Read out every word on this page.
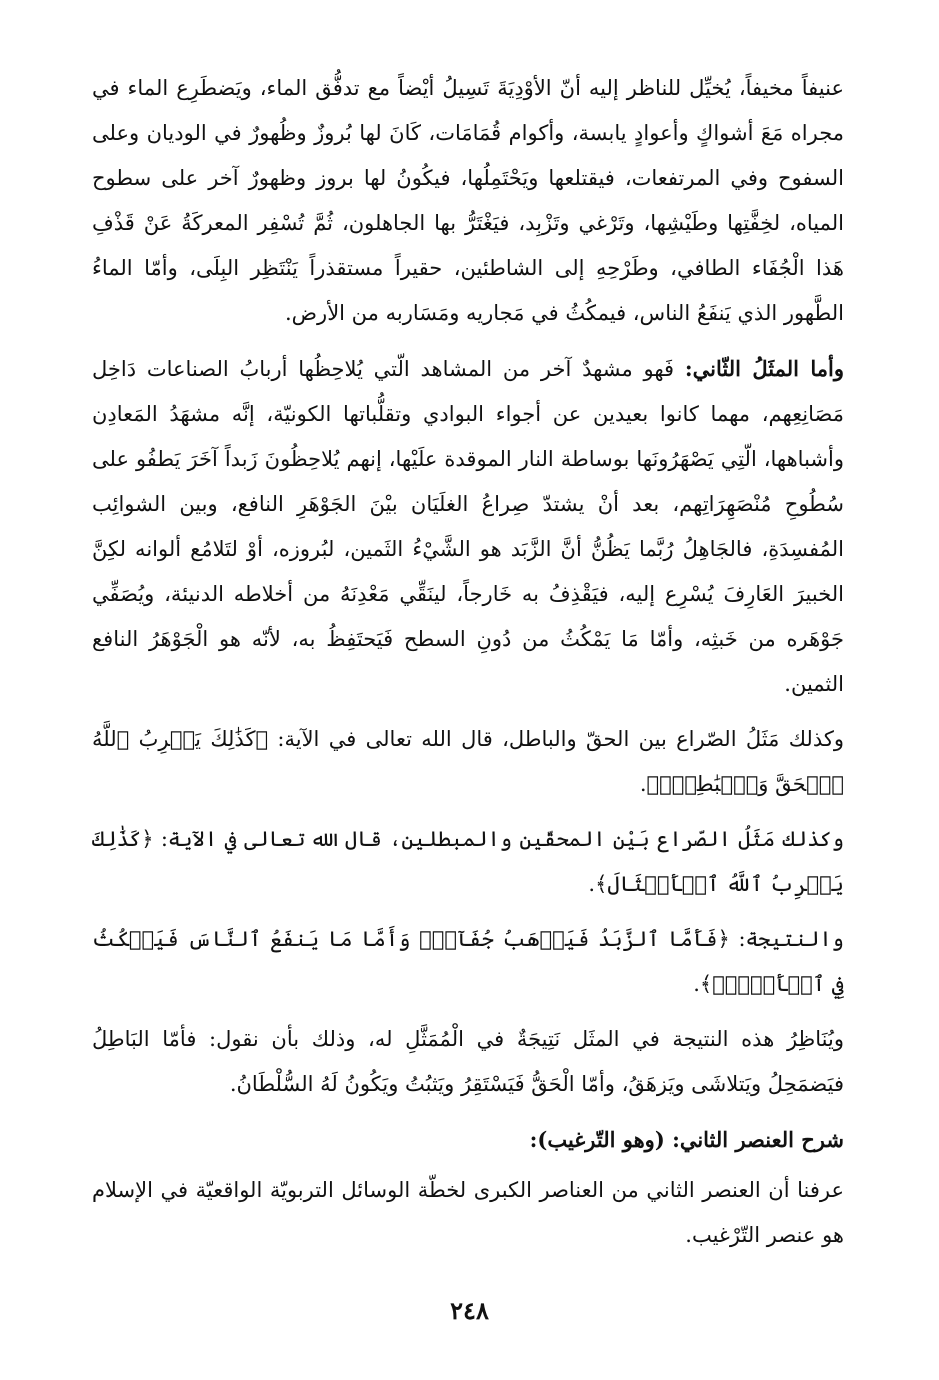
عنيفاً مخيفاً، يُخيِّل للناظر إليه أنّ الأوْدِيَةَ تَسِيلُ أيْضاً مع تدفُّق الماء، ويَضطَرِع الماء في مجراه مَعَ أشواكٍ وأعوادٍ يابسة، وأكوام قُمَامَات، كَانَ لها بُروزٌ وظُهورٌ في الوديان وعلى السفوح وفي المرتفعات، فيقتلعها ويَحْتَمِلُها، فيكُونُ لها بروز وظهورٌ آخر على سطوح المياه، لخِفَّتِها وطَيْشِها، وتَرْغي وتَزْبِد، فيَغْتَرُّ بها الجاهلون، ثُمَّ تُسْفِر المعركَةُ عَنْ قَذْفِ هَذا الْجُفَاء الطافي، وطَرْحِهِ إلى الشاطئين، حقيراً مستقذراً يَنْتَظِر البِلَى، وأمّا الماءُ الطَّهور الذي يَنفَعُ الناس، فيمكُثُ في مَجاريه ومَسَاربه من الأرض.

وأما المثَلُ الثّاني: فَهو مشهدٌ آخر من المشاهد الّتي يُلاحِظُها أربابُ الصناعات دَاخِل مَصَانِعِهم، مهما كانوا بعيدين عن أجواء البوادي وتقلُّباتها الكونيّة، إنَّه مشهَدُ المَعادِن وأشباهها، الّتِي يَصْهَرُونَها بوساطة النار الموقدة علَيْها، إنهم يُلاحِظُونَ زَبداً آخَرَ يَطفُو على سُطُوحِ مُنْصَهِرَاتِهم، بعد أنْ يشتدّ صِراعُ الغلَيَان بيْنَ الجَوْهَرِ النافع، وبين الشوائِب المُفسِدَةِ، فالجَاهِلُ رُبَّما يَظُنُّ أنَّ الزَّبَد هو الشَّيْءُ الثَمين، لبُروزه، أوْ لتَلامُع ألوانه لكِنَّ الخبيرَ العَارِفَ يُسْرِع إليه، فيَقْذِفُ به خَارجاً، لينَقِّي مَعْدِنَهُ من أخلاطه الدنيئة، ويُصَفِّي جَوْهَره من خَبثِه، وأمّا مَا يَمْكُثُ من دُونِ السطح فَيَحتَفِظُ به، لأنّه هو الْجَوْهَرُ النافع الثمين.

وكذلك مَثَلُ الصّراع بين الحقّ والباطل، قال الله تعالى في الآية: ﴿كَذَٰلِكَ يَضۡرِبُ ٱللَّهُ ٱلۡحَقَّ وَٱلۡبَٰطِلَۚ﴾.

وكذلك مَثَلُ الصّراع بَيْن المحقّين والمبطلين، قال الله تعالى في الآية: ﴿كَذَٰلِكَ يَضۡرِبُ ٱللَّهُ ٱلۡأَمۡثَالَ﴾.

والنتيجة: ﴿فَأَمَّا ٱلزَّبَدُ فَيَذۡهَبُ جُفَآءٗۖ وَأَمَّا مَا يَنفَعُ ٱلنَّاسَ فَيَمۡكُثُ فِي ٱلۡأَرۡضِۚ﴾.

ويُنَاظِرُ هذه النتيجة في المثَل نَتِيجَةٌ في الْمُمَثَّلِ له، وذلك بأن نقول: فأمّا البَاطِلُ فيَضمَحِلُ ويَتلاشَى ويَزهَقُ، وأمّا الْحَقُّ فَيَسْتَقِرُ ويَثبُتُ ويَكُونُ لَهُ السُّلْطَانُ.

شرح العنصر الثاني: (وهو التّرغيب):

عرفنا أن العنصر الثاني من العناصر الكبرى لخطّة الوسائل التربويّة الواقعيّة في الإسلام هو عنصر التّرْغيب.

٢٤٨
